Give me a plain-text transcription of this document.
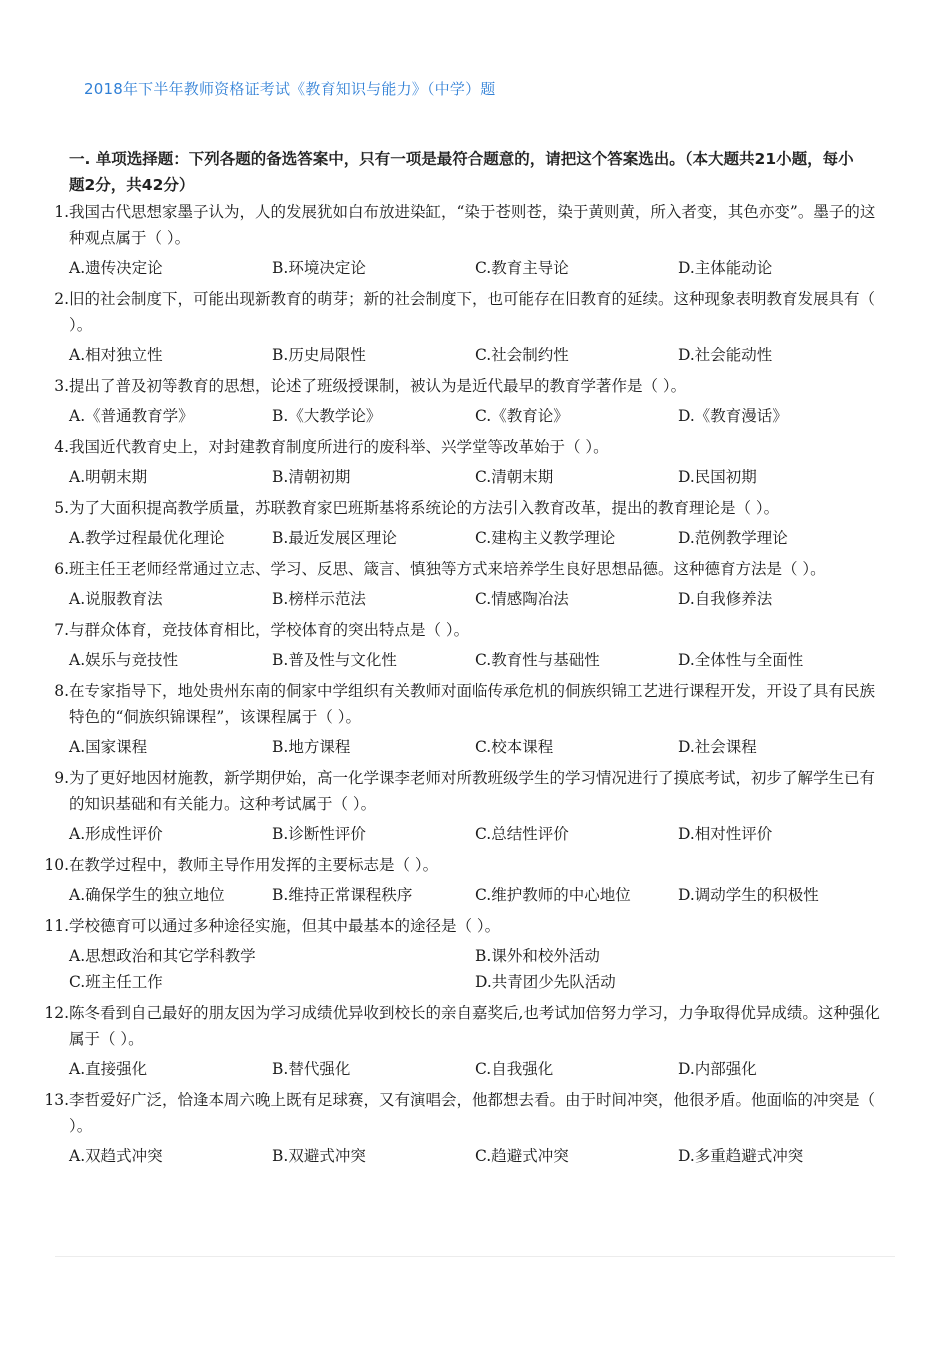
2018年下半年教师资格证考试《教育知识与能力》（中学）题
一. 单项选择题：下列各题的备选答案中，只有一项是最符合题意的，请把这个答案选出。（本大题共21小题，每小题2分，共42分）
1. 我国古代思想家墨子认为，人的发展犹如白布放进染缸，“染于苍则苍，染于黄则黄，所入者变，其色亦变”。墨子的这种观点属于（ ）。
A.遗传决定论	B.环境决定论	C.教育主导论	D.主体能动论
2. 旧的社会制度下，可能出现新教育的萌芽；新的社会制度下，也可能存在旧教育的延续。这种现象表明教育发展具有（ ）。
A.相对独立性	B.历史局限性	C.社会制约性	D.社会能动性
3. 提出了普及初等教育的思想，论述了班级授课制，被认为是近代最早的教育学著作是（ ）。
A.《普通教育学》	B.《大教学论》	C.《教育论》	D.《教育漫话》
4. 我国近代教育史上，对封建教育制度所进行的废科举、兴学堂等改革始于（ ）。
A.明朝末期	B.清朝初期	C.清朝末期	D.民国初期
5. 为了大面积提高教学质量，苏联教育家巴班斯基将系统论的方法引入教育改革，提出的教育理论是（ ）。
A.教学过程最优化理论	B.最近发展区理论	C.建构主义教学理论	D.范例教学理论
6. 班主任王老师经常通过立志、学习、反思、箴言、慎独等方式来培养学生良好思想品德。这种德育方法是（ ）。
A.说服教育法	B.榜样示范法	C.情感陶冶法	D.自我修养法
7. 与群众体育，竞技体育相比，学校体育的突出特点是（ ）。
A.娱乐与竞技性	B.普及性与文化性	C.教育性与基础性	D.全体性与全面性
8. 在专家指导下，地处贵州东南的侗家中学组织有关教师对面临传承危机的侗族织锦工艺进行课程开发，开设了具有民族特色的“侗族织锦课程”，该课程属于（ ）。
A.国家课程	B.地方课程	C.校本课程	D.社会课程
9. 为了更好地因材施教，新学期伊始，高一化学课李老师对所教班级学生的学习情况进行了摸底考试，初步了解学生已有的知识基础和有关能力。这种考试属于（ ）。
A.形成性评价	B.诊断性评价	C.总结性评价	D.相对性评价
10. 在教学过程中，教师主导作用发挥的主要标志是（ ）。
A.确保学生的独立地位	B.维持正常课程秩序	C.维护教师的中心地位	D.调动学生的积极性
11. 学校德育可以通过多种途径实施，但其中最基本的途径是（ ）。
A.思想政治和其它学科教学	B.课外和校外活动
C.班主任工作	D.共青团少先队活动
12. 陈冬看到自己最好的朋友因为学习成绩优异收到校长的亲自嘉奖后,也考试加倍努力学习，力争取得优异成绩。这种强化属于（ ）。
A.直接强化	B.替代强化	C.自我强化	D.内部强化
13. 李哲爱好广泛，恰逢本周六晚上既有足球赛，又有演唱会，他都想去看。由于时间冲突，他很矛盾。他面临的冲突是（ ）。
A.双趋式冲突	B.双避式冲突	C.趋避式冲突	D.多重趋避式冲突
